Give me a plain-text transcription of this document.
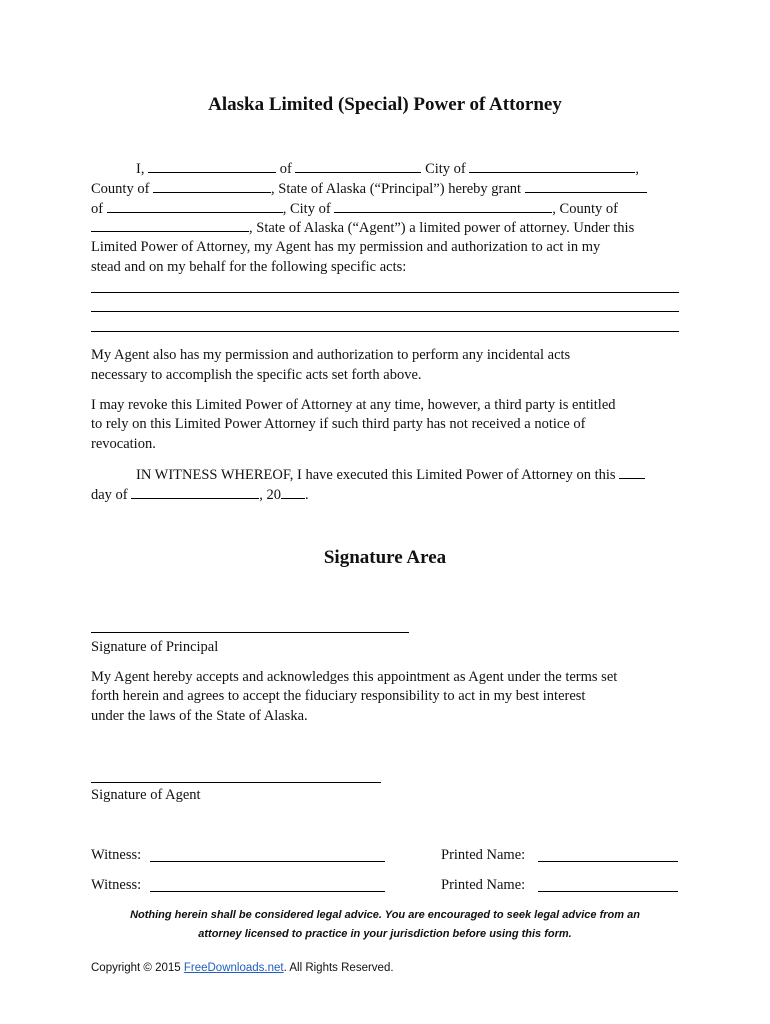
Alaska Limited (Special) Power of Attorney
I,	of	City of	,
County of	, State of Alaska (“Principal”) hereby grant
of	, City of	, County of
, State of Alaska (“Agent”) a limited power of attorney. Under this
Limited Power of Attorney, my Agent has my permission and authorization to act in my
stead and on my behalf for the following specific acts:
My Agent also has my permission and authorization to perform any incidental acts
necessary to accomplish the specific acts set forth above.
I may revoke this Limited Power of Attorney at any time, however, a third party is entitled
to rely on this Limited Power Attorney if such third party has not received a notice of
revocation.
IN WITNESS WHEREOF, I have executed this Limited Power of Attorney on this
day of	, 20 .
Signature Area
Signature of Principal
My Agent hereby accepts and acknowledges this appointment as Agent under the terms set
forth herein and agrees to accept the fiduciary responsibility to act in my best interest
under the laws of the State of Alaska.
Signature of Agent
Witness:	Printed Name:
Witness:	Printed Name:
Nothing herein shall be considered legal advice. You are encouraged to seek legal advice from an
attorney licensed to practice in your jurisdiction before using this form.
Copyright © 2015 FreeDownloads.net. All Rights Reserved.
